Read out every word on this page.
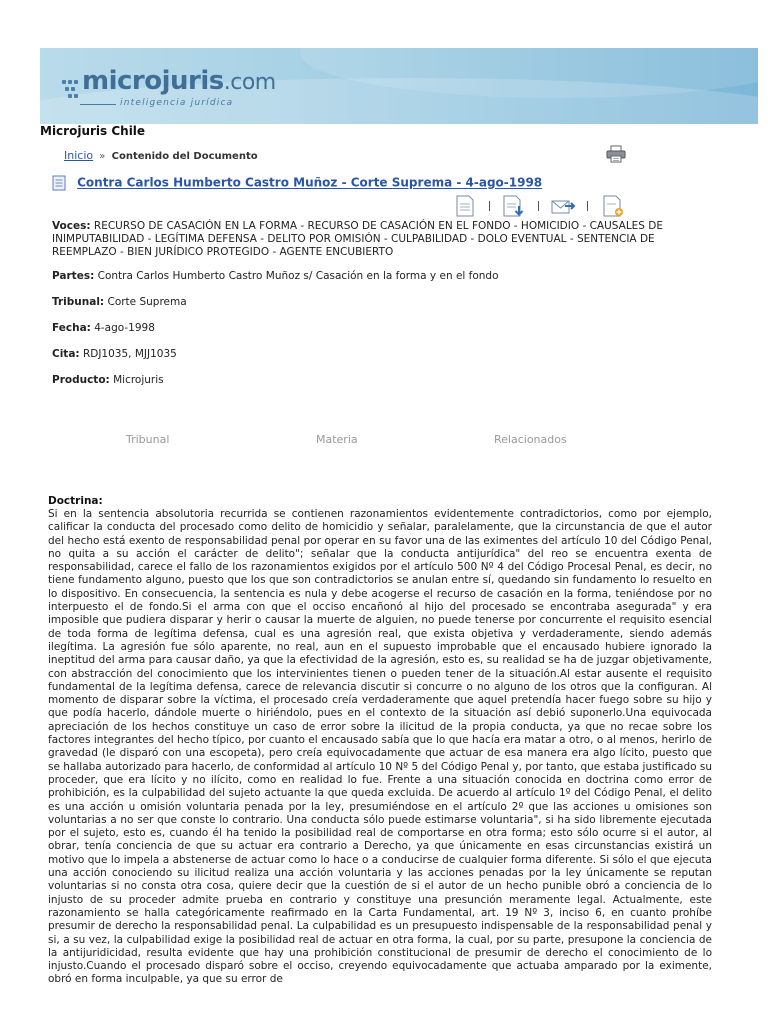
microjuris.com
inteligencia jurídica
Microjuris Chile
Inicio » Contenido del Documento
Contra Carlos Humberto Castro Muñoz - Corte Suprema - 4-ago-1998

Voces: RECURSO DE CASACIÓN EN LA FORMA - RECURSO DE CASACIÓN EN EL FONDO - HOMICIDIO - CAUSALES DE INIMPUTABILIDAD - LEGÍTIMA DEFENSA - DELITO POR OMISIÓN - CULPABILIDAD - DOLO EVENTUAL - SENTENCIA DE REEMPLAZO - BIEN JURÍDICO PROTEGIDO - AGENTE ENCUBIERTO
Partes: Contra Carlos Humberto Castro Muñoz s/ Casación en la forma y en el fondo
Tribunal: Corte Suprema
Fecha: 4-ago-1998
Cita: RDJ1035, MJJ1035
Producto: Microjuris
Tribunal	Materia	Relacionados
Doctrina:

Si en la sentencia absolutoria recurrida se contienen razonamientos evidentemente contradictorios, como por ejemplo, calificar la conducta del procesado como delito de homicidio y señalar, paralelamente, que la circunstancia de que el autor del hecho está exento de responsabilidad penal por operar en su favor una de las eximentes del artículo 10 del Código Penal, no quita a su acción el carácter de delito"; señalar que la conducta antijurídica" del reo se encuentra exenta de responsabilidad, carece el fallo de los razonamientos exigidos por el artículo 500 Nº 4 del Código Procesal Penal, es decir, no tiene fundamento alguno, puesto que los que son contradictorios se anulan entre sí, quedando sin fundamento lo resuelto en lo dispositivo. En consecuencia, la sentencia es nula y debe acogerse el recurso de casación en la forma, teniéndose por no interpuesto el de fondo.Si el arma con que el occiso encañonó al hijo del procesado se encontraba asegurada" y era imposible que pudiera disparar y herir o causar la muerte de alguien, no puede tenerse por concurrente el requisito esencial de toda forma de legítima defensa, cual es una agresión real, que exista objetiva y verdaderamente, siendo además ilegítima. La agresión fue sólo aparente, no real, aun en el supuesto improbable que el encausado hubiere ignorado la ineptitud del arma para causar daño, ya que la efectividad de la agresión, esto es, su realidad se ha de juzgar objetivamente, con abstracción del conocimiento que los intervinientes tienen o pueden tener de la situación.Al estar ausente el requisito fundamental de la legítima defensa, carece de relevancia discutir si concurre o no alguno de los otros que la configuran. Al momento de disparar sobre la víctima, el procesado creía verdaderamente que aquel pretendía hacer fuego sobre su hijo y que podía hacerlo, dándole muerte o hiriéndolo, pues en el contexto de la situación así debió suponerlo.Una equivocada apreciación de los hechos constituye un caso de error sobre la ilicitud de la propia conducta, ya que no recae sobre los factores integrantes del hecho típico, por cuanto el encausado sabía que lo que hacía era matar a otro, o al menos, herirlo de gravedad (le disparó con una escopeta), pero creía equivocadamente que actuar de esa manera era algo lícito, puesto que se hallaba autorizado para hacerlo, de conformidad al artículo 10 Nº 5 del Código Penal y, por tanto, que estaba justificado su proceder, que era lícito y no ilícito, como en realidad lo fue. Frente a una situación conocida en doctrina como error de prohibición, es la culpabilidad del sujeto actuante la que queda excluida. De acuerdo al artículo 1º del Código Penal, el delito es una acción u omisión voluntaria penada por la ley, presumiéndose en el artículo 2º que las acciones u omisiones son voluntarias a no ser que conste lo contrario. Una conducta sólo puede estimarse voluntaria", si ha sido libremente ejecutada por el sujeto, esto es, cuando él ha tenido la posibilidad real de comportarse en otra forma; esto sólo ocurre si el autor, al obrar, tenía conciencia de que su actuar era contrario a Derecho, ya que únicamente en esas circunstancias existirá un motivo que lo impela a abstenerse de actuar como lo hace o a conducirse de cualquier forma diferente. Si sólo el que ejecuta una acción conociendo su ilicitud realiza una acción voluntaria y las acciones penadas por la ley únicamente se reputan voluntarias si no consta otra cosa, quiere decir que la cuestión de si el autor de un hecho punible obró a conciencia de lo injusto de su proceder admite prueba en contrario y constituye una presunción meramente legal. Actualmente, este razonamiento se halla categóricamente reafirmado en la Carta Fundamental, art. 19 Nº 3, inciso 6, en cuanto prohíbe presumir de derecho la responsabilidad penal. La culpabilidad es un presupuesto indispensable de la responsabilidad penal y si, a su vez, la culpabilidad exige la posibilidad real de actuar en otra forma, la cual, por su parte, presupone la conciencia de la antijuridicidad, resulta evidente que hay una prohibición constitucional de presumir de derecho el conocimiento de lo injusto.Cuando el procesado disparó sobre el occiso, creyendo equivocadamente que actuaba amparado por la eximente, obró en forma inculpable, ya que su error de
